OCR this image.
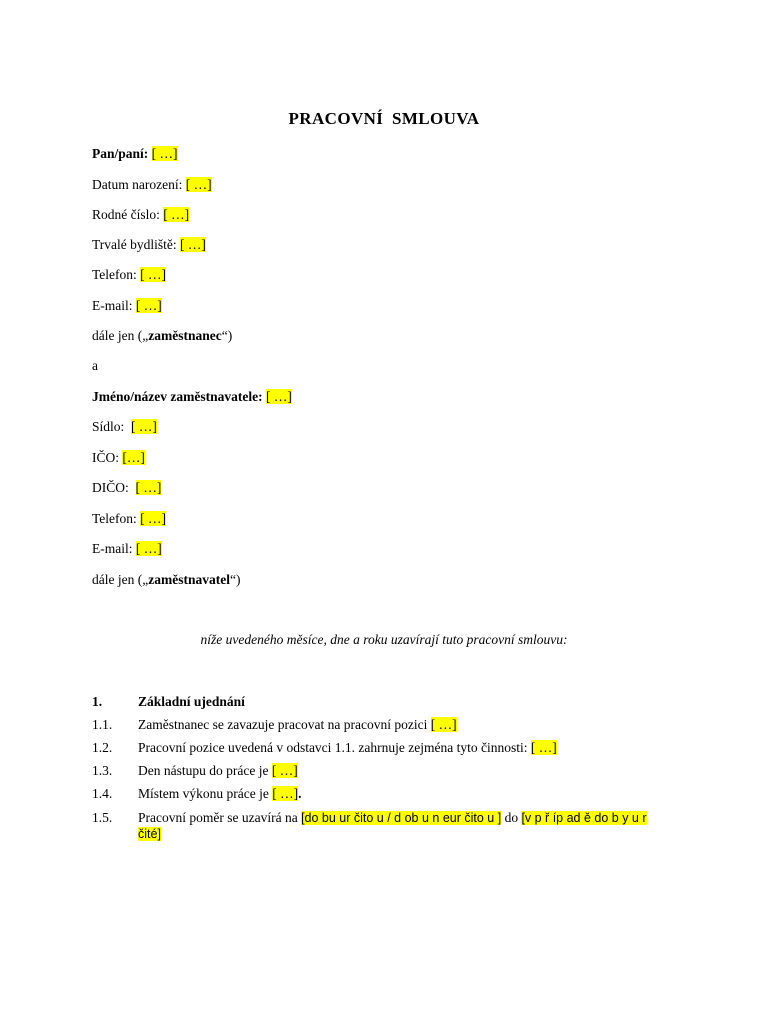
PRACOVNÍ SMLOUVA
Pan/paní: [ …]
Datum narození: [ …]
Rodné číslo: [ …]
Trvalé bydliště: [ …]
Telefon: [ …]
E-mail: [ …]
dále jen („zaměstnanec“)
a
Jméno/název zaměstnavatele: [ …]
Sídlo: [ …]
IČO: […]
DIČO: [ …]
Telefon: [ …]
E-mail: [ …]
dále jen („zaměstnavatel“)
níže uvedeného měsíce, dne a roku uzavírají tuto pracovní smlouvu:
1.	Základní ujednání
1.1. Zaměstnanec se zavazuje pracovat na pracovní pozici [ …]
1.2. Pracovní pozice uvedená v odstavci 1.1. zahrnuje zejména tyto činnosti: [ …]
1.3. Den nástupu do práce je [ …]
1.4. Místem výkonu práce je [ …].
1.5. Pracovní poměr se uzavírá na [do bu ur čito u / d ob u n eur čito u ] do [v p ř íp ad ě do b y u r čité]
